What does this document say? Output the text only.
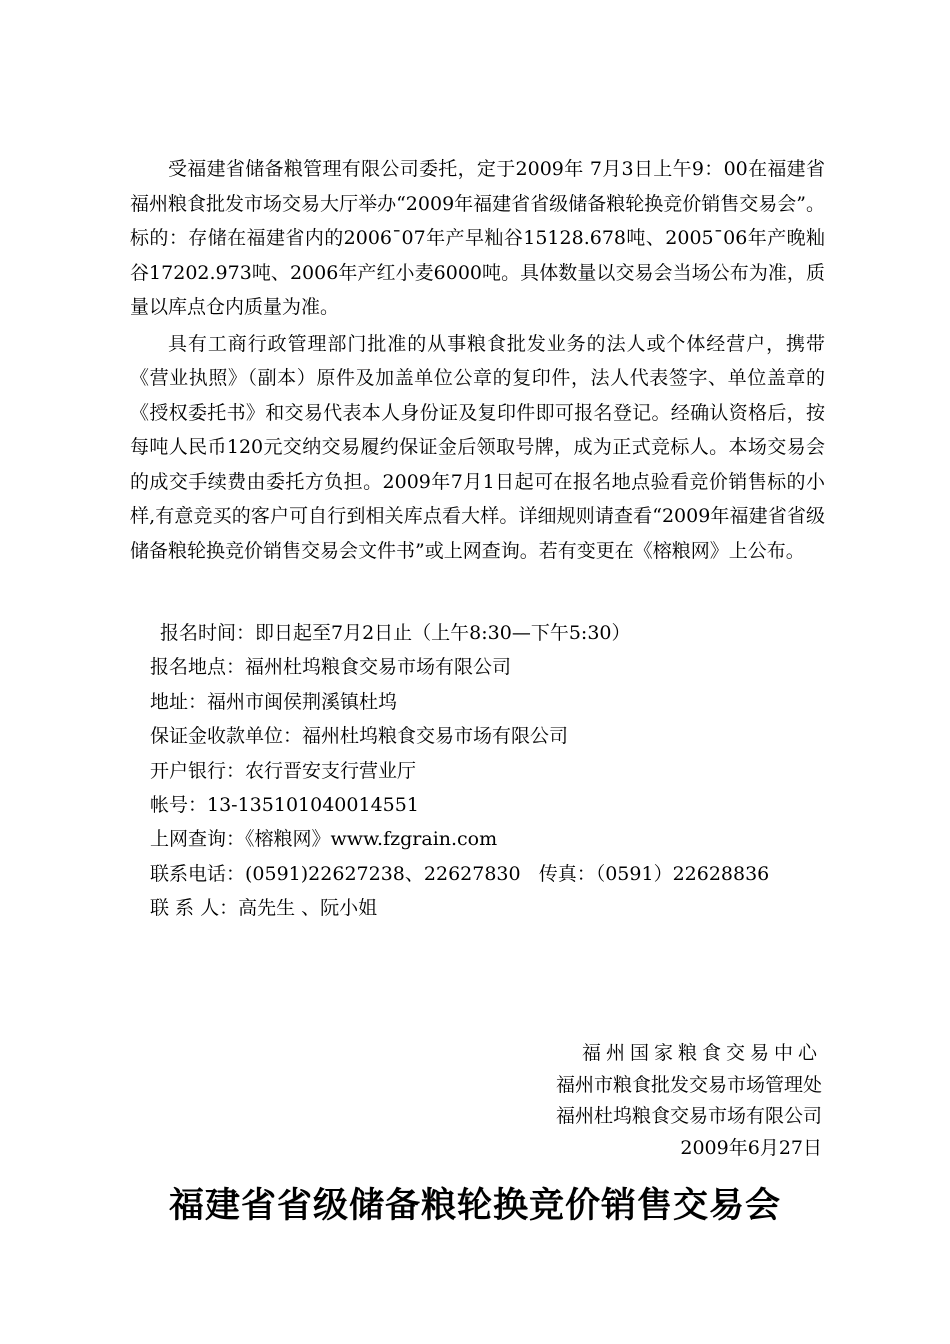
受福建省储备粮管理有限公司委托，定于2009年 7月3日上午9：00在福建省福州粮食批发市场交易大厅举办“2009年福建省省级储备粮轮换竞价销售交易会”。标的：存储在福建省内的2006¯07年产早籼谷15128.678吨、2005¯06年产晚籼谷17202.973吨、2006年产红小麦6000吨。具体数量以交易会当场公布为准，质量以库点仓内质量为准。

具有工商行政管理部门批准的从事粮食批发业务的法人或个体经营户，携带《营业执照》（副本）原件及加盖单位公章的复印件，法人代表签字、单位盖章的《授权委托书》和交易代表本人身份证及复印件即可报名登记。经确认资格后，按每吨人民币120元交纳交易履约保证金后领取号牌，成为正式竞标人。本场交易会的成交手续费由委托方负担。2009年7月1日起可在报名地点验看竞价销售标的小样,有意竞买的客户可自行到相关库点看大样。详细规则请查看“2009年福建省省级储备粮轮换竞价销售交易会文件书”或上网查询。若有变更在《榕粮网》上公布。

报名时间：即日起至7月2日止（上午8:30—下午5:30）
报名地点：福州杜坞粮食交易市场有限公司
地址：福州市闽侯荆溪镇杜坞
保证金收款单位：福州杜坞粮食交易市场有限公司
开户银行：农行晋安支行营业厅
帐号：13-135101040014551
上网查询：《榕粮网》www.fzgrain.com
联系电话：(0591)22627238、22627830   传真：（0591）22628836
联 系 人：高先生 、阮小姐
福州国家粮食交易中心
福州市粮食批发交易市场管理处
福州杜坞粮食交易市场有限公司
2009年6月27日
福建省省级储备粮轮换竞价销售交易会
